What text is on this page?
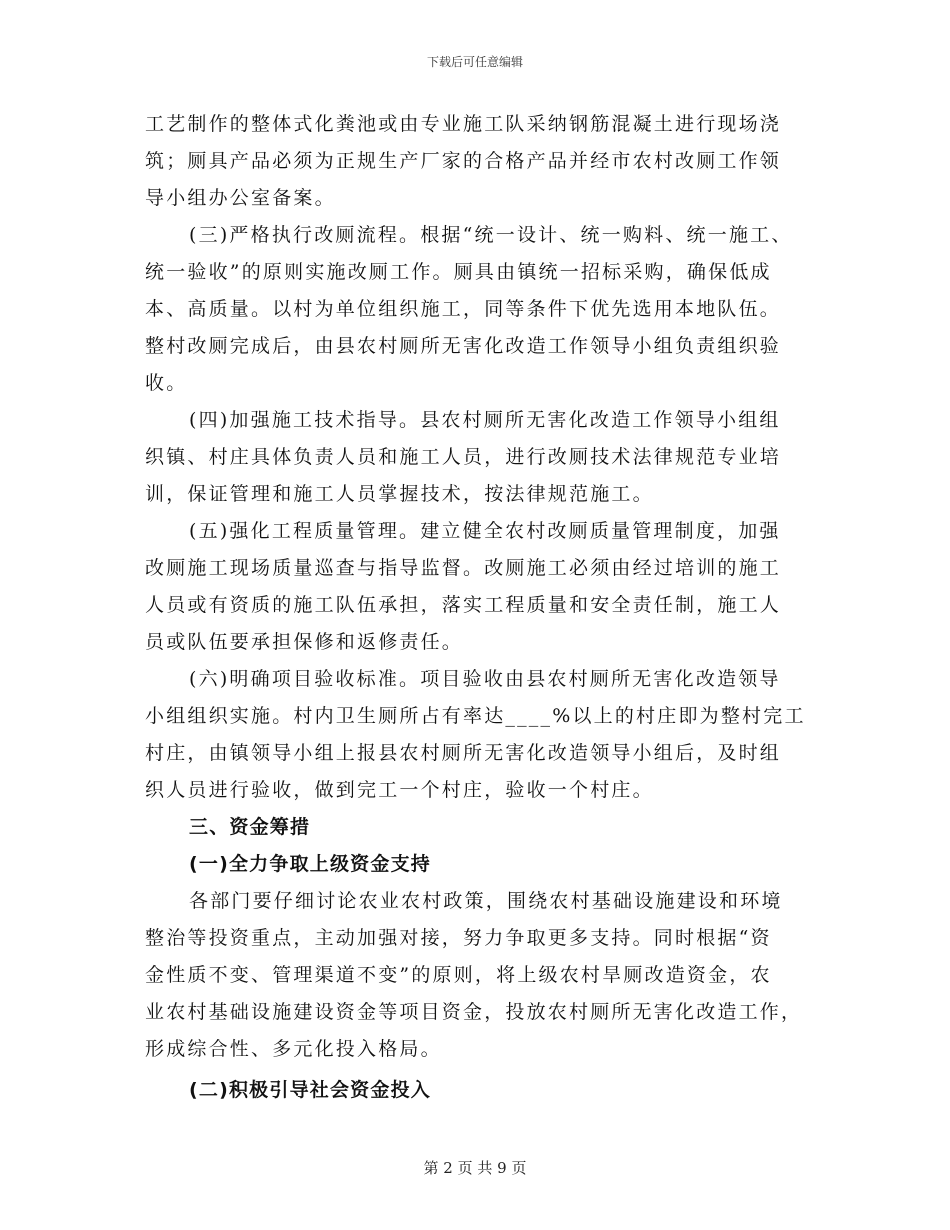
下载后可任意编辑
工艺制作的整体式化粪池或由专业施工队采纳钢筋混凝土进行现场浇
筑；厕具产品必须为正规生产厂家的合格产品并经市农村改厕工作领
导小组办公室备案。
(三)严格执行改厕流程。根据“统一设计、统一购料、统一施工、
统一验收”的原则实施改厕工作。厕具由镇统一招标采购，确保低成
本、高质量。以村为单位组织施工，同等条件下优先选用本地队伍。
整村改厕完成后，由县农村厕所无害化改造工作领导小组负责组织验
收。
(四)加强施工技术指导。县农村厕所无害化改造工作领导小组组
织镇、村庄具体负责人员和施工人员，进行改厕技术法律规范专业培
训，保证管理和施工人员掌握技术，按法律规范施工。
(五)强化工程质量管理。建立健全农村改厕质量管理制度，加强
改厕施工现场质量巡查与指导监督。改厕施工必须由经过培训的施工
人员或有资质的施工队伍承担，落实工程质量和安全责任制，施工人
员或队伍要承担保修和返修责任。
(六)明确项目验收标准。项目验收由县农村厕所无害化改造领导
小组组织实施。村内卫生厕所占有率达____%以上的村庄即为整村完工
村庄，由镇领导小组上报县农村厕所无害化改造领导小组后，及时组
织人员进行验收，做到完工一个村庄，验收一个村庄。
三、资金筹措
(一)全力争取上级资金支持
各部门要仔细讨论农业农村政策，围绕农村基础设施建设和环境
整治等投资重点，主动加强对接，努力争取更多支持。同时根据“资
金性质不变、管理渠道不变”的原则，将上级农村旱厕改造资金，农
业农村基础设施建设资金等项目资金，投放农村厕所无害化改造工作，
形成综合性、多元化投入格局。
(二)积极引导社会资金投入
第 2 页 共 9 页
